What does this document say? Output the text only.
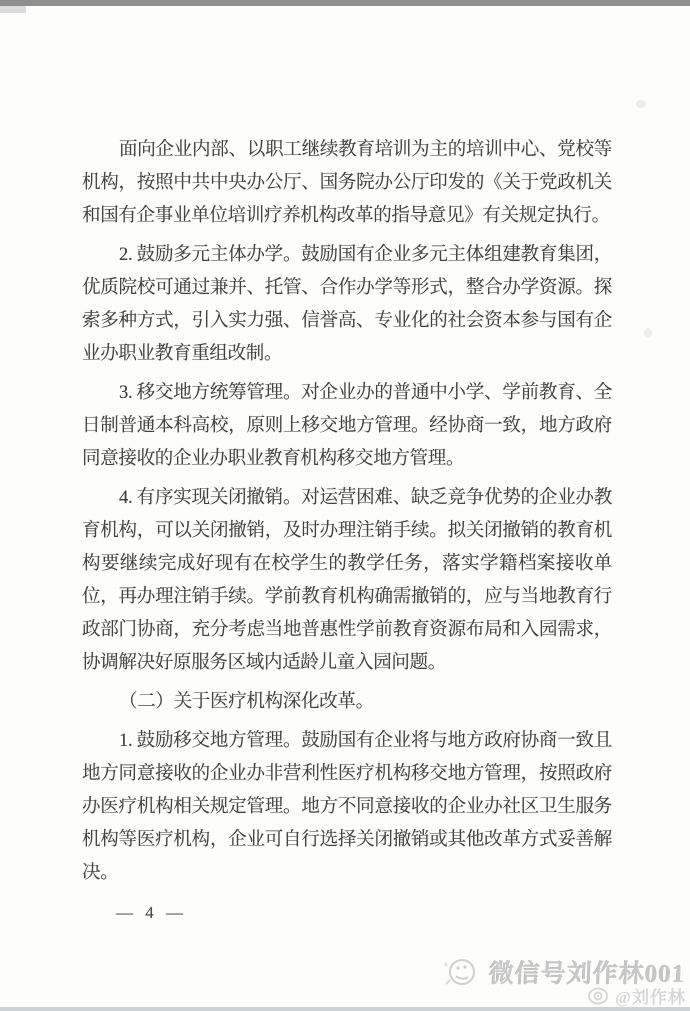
面向企业内部、以职工继续教育培训为主的培训中心、党校等机构，按照中共中央办公厅、国务院办公厅印发的《关于党政机关和国有企事业单位培训疗养机构改革的指导意见》有关规定执行。

2. 鼓励多元主体办学。鼓励国有企业多元主体组建教育集团，优质院校可通过兼并、托管、合作办学等形式，整合办学资源。探索多种方式，引入实力强、信誉高、专业化的社会资本参与国有企业办职业教育重组改制。

3. 移交地方统筹管理。对企业办的普通中小学、学前教育、全日制普通本科高校，原则上移交地方管理。经协商一致，地方政府同意接收的企业办职业教育机构移交地方管理。

4. 有序实现关闭撤销。对运营困难、缺乏竞争优势的企业办教育机构，可以关闭撤销，及时办理注销手续。拟关闭撤销的教育机构要继续完成好现有在校学生的教学任务，落实学籍档案接收单位，再办理注销手续。学前教育机构确需撤销的，应与当地教育行政部门协商，充分考虑当地普惠性学前教育资源布局和入园需求，协调解决好原服务区域内适龄儿童入园问题。

（二）关于医疗机构深化改革。

1. 鼓励移交地方管理。鼓励国有企业将与地方政府协商一致且地方同意接收的企业办非营利性医疗机构移交地方管理，按照政府办医疗机构相关规定管理。地方不同意接收的企业办社区卫生服务机构等医疗机构，企业可自行选择关闭撤销或其他改革方式妥善解决。

— 4 —

微信号刘作林001
@刘作林
